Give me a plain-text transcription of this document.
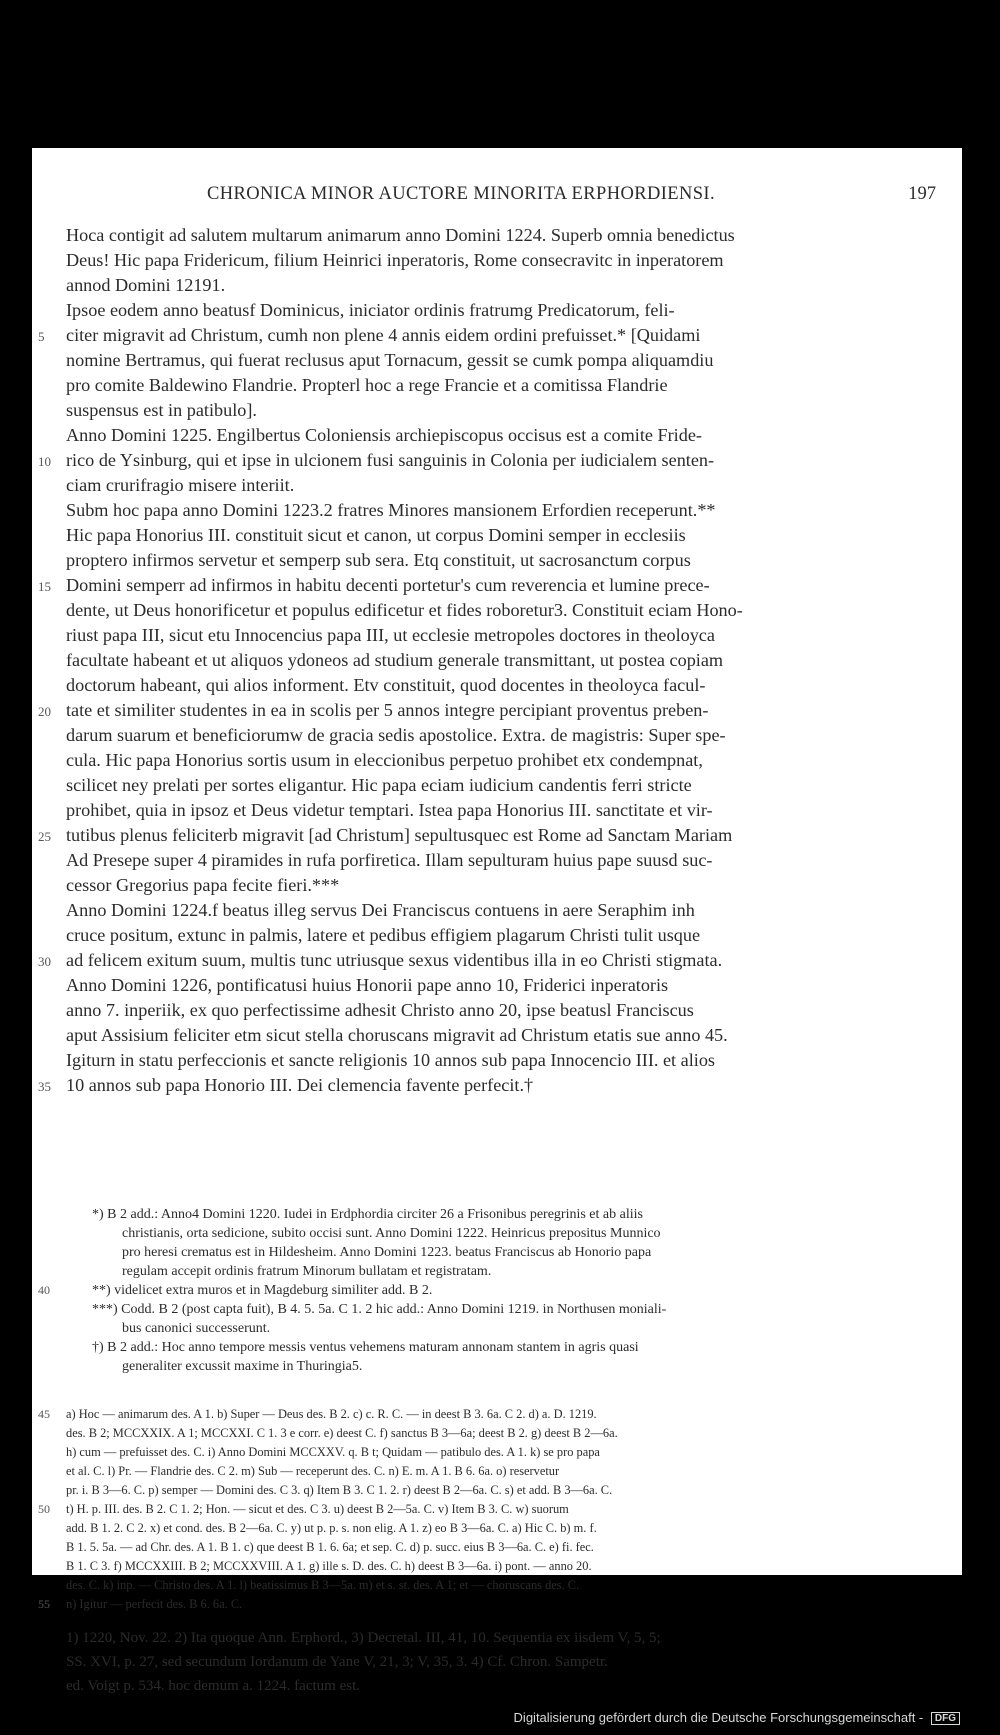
CHRONICA MINOR AUCTORE MINORITA ERPHORDIENSI.	197
Hoca contigit ad salutem multarum animarum anno Domini 1224. Superb omnia benedictus
Deus! Hic papa Fridericum, filium Heinrici inperatoris, Rome consecravitc in inperatorem
annod Domini 12191.
Ipsoe eodem anno beatusf Dominicus, iniciator ordinis fratrumg Predicatorum, feli-
5 citer migravit ad Christum, cumh non plene 4 annis eidem ordini prefuisset.* [Quidami
nomine Bertramus, qui fuerat reclusus aput Tornacum, gessit se cumk pompa aliquamdiu
pro comite Baldewino Flandrie. Propterl hoc a rege Francie et a comitissa Flandrie
suspensus est in patibulo].
Anno Domini 1225. Engilbertus Coloniensis archiepiscopus occisus est a comite Fride-
10 rico de Ysinburg, qui et ipse in ulcionem fusi sanguinis in Colonia per iudicialem senten-
ciam crurifragio misere interiit.
Subm hoc papa anno Domini 1223.2 fratres Minores mansionem Erfordien receperunt.**
Hic papa Honorius III. constituit sicut et canon, ut corpus Domini semper in ecclesiis
proptero infirmos servetur et semperp sub sera. Etq constituit, ut sacrosanctum corpus
15 Domini semperr ad infirmos in habitu decenti portetur's cum reverencia et lumine prece-
dente, ut Deus honorificetur et populus edificetur et fides roboretur3. Constituit eciam Hono-
riust papa III, sicut etu Innocencius papa III, ut ecclesie metropoles doctores in theoloyca
facultate habeant et ut aliquos ydoneos ad studium generale transmittant, ut postea copiam
doctorum habeant, qui alios informent. Etv constituit, quod docentes in theoloyca facul-
20 tate et similiter studentes in ea in scolis per 5 annos integre percipiant proventus preben-
darum suarum et beneficiorumw de gracia sedis apostolice. Extra. de magistris: Super spe-
cula. Hic papa Honorius sortis usum in eleccionibus perpetuo prohibet etx condempnat,
scilicet ney prelati per sortes eligantur. Hic papa eciam iudicium candentis ferri stricte
prohibet, quia in ipsoz et Deus videtur temptari. Istea papa Honorius III. sanctitate et vir-
25 tutibus plenus feliciterb migravit [ad Christum] sepultusquec est Rome ad Sanctam Mariam
Ad Presepe super 4 piramides in rufa porfiretica. Illam sepulturam huius pape suusd suc-
cessor Gregorius papa fecite fieri.***
Anno Domini 1224.f beatus illeg servus Dei Franciscus contuens in aere Seraphim inh
cruce positum, extunc in palmis, latere et pedibus effigiem plagarum Christi tulit usque
30 ad felicem exitum suum, multis tunc utriusque sexus videntibus illa in eo Christi stigmata.
Anno Domini 1226, pontificatusi huius Honorii pape anno 10, Friderici inperatoris
anno 7. inperiik, ex quo perfectissime adhesit Christo anno 20, ipse beatusl Franciscus
aput Assisium feliciter etm sicut stella choruscans migravit ad Christum etatis sue anno 45.
Igiturn in statu perfeccionis et sancte religionis 10 annos sub papa Innocencio III. et alios
35 10 annos sub papa Honorio III. Dei clemencia favente perfecit.†
*) B 2 add.: Anno4 Domini 1220. Iudei in Erdphordia circiter 26 a Frisonibus peregrinis et ab aliis
christianis, orta sedicione, subito occisi sunt. Anno Domini 1222. Heinricus prepositus Munnico
pro heresi crematus est in Hildesheim. Anno Domini 1223. beatus Franciscus ab Honorio papa
regulam accepit ordinis fratrum Minorum bullatam et registratam.
40	**) videlicet extra muros et in Magdeburg similiter add. B 2.
***) Codd. B 2 (post capta fuit), B 4. 5. 5a. C 1. 2 hic add.: Anno Domini 1219. in Northusen moniali-
bus canonici successerunt.
†) B 2 add.: Hoc anno tempore messis ventus vehemens maturam annonam stantem in agris quasi
generaliter excussit maxime in Thuringia5.
45 a) Hoc — animarum des. A 1. b) Super — Deus des. B 2. c) c. R. C. — in deest B 3. 6a. C 2. d) a. D. 1219.
des. B 2; MCCXXIX. A 1; MCCXXI. C 1. 3 e corr. e) deest C. f) sanctus B 3—6a; deest B 2. g) deest B 2—6a.
h) cum — prefuisset des. C. i) Anno Domini MCCXXV. q. B t; Quidam — patibulo des. A 1. k) se pro papa
et al. C. l) Pr. — Flandrie des. C 2. m) Sub — receperunt des. C. n) E. m. A 1. B 6. 6a. o) reservetur
pr. i. B 3—6. C. p) semper — Domini des. C 3. q) Item B 3. C 1. 2. r) deest B 2—6a. C. s) et add. B 3—6a. C.
50 t) H. p. III. des. B 2. C 1. 2; Hon. — sicut et des. C 3. u) deest B 2—5a. C. v) Item B 3. C. w) suorum
add. B 1. 2. C 2. x) et cond. des. B 2—6a. C. y) ut p. p. s. non elig. A 1. z) eo B 3—6a. C. a) Hic C. b) m. f.
B 1. 5. 5a. — ad Chr. des. A 1. B 1. c) que deest B 1. 6. 6a; et sep. C. d) p. succ. eius B 3—6a. C. e) fi. fec.
B 1. C 3. f) MCCXXIII. B 2; MCCXXVIII. A 1. g) ille s. D. des. C. h) deest B 3—6a. i) pont. — anno 20.
des. C. k) inp. — Christo des. A 1. l) beatissimus B 3—5a. m) et s. st. des. A 1; et — choruscans des. C.
55 n) Igitur — perfecit des. B 6. 6a. C.
1) 1220, Nov. 22. 2) Ita quoque Ann. Erphord., 3) Decretal. III, 41, 10. Sequentia ex iisdem V, 5, 5;
SS. XVI, p. 27, sed secundum Iordanum de Yane V, 21, 3; V, 35, 3. 4) Cf. Chron. Sampetr.
ed. Voigt p. 534. hoc demum a. 1224. factum est.
Digitalisierung gefördert durch die Deutsche Forschungsgemeinschaft - DFG
